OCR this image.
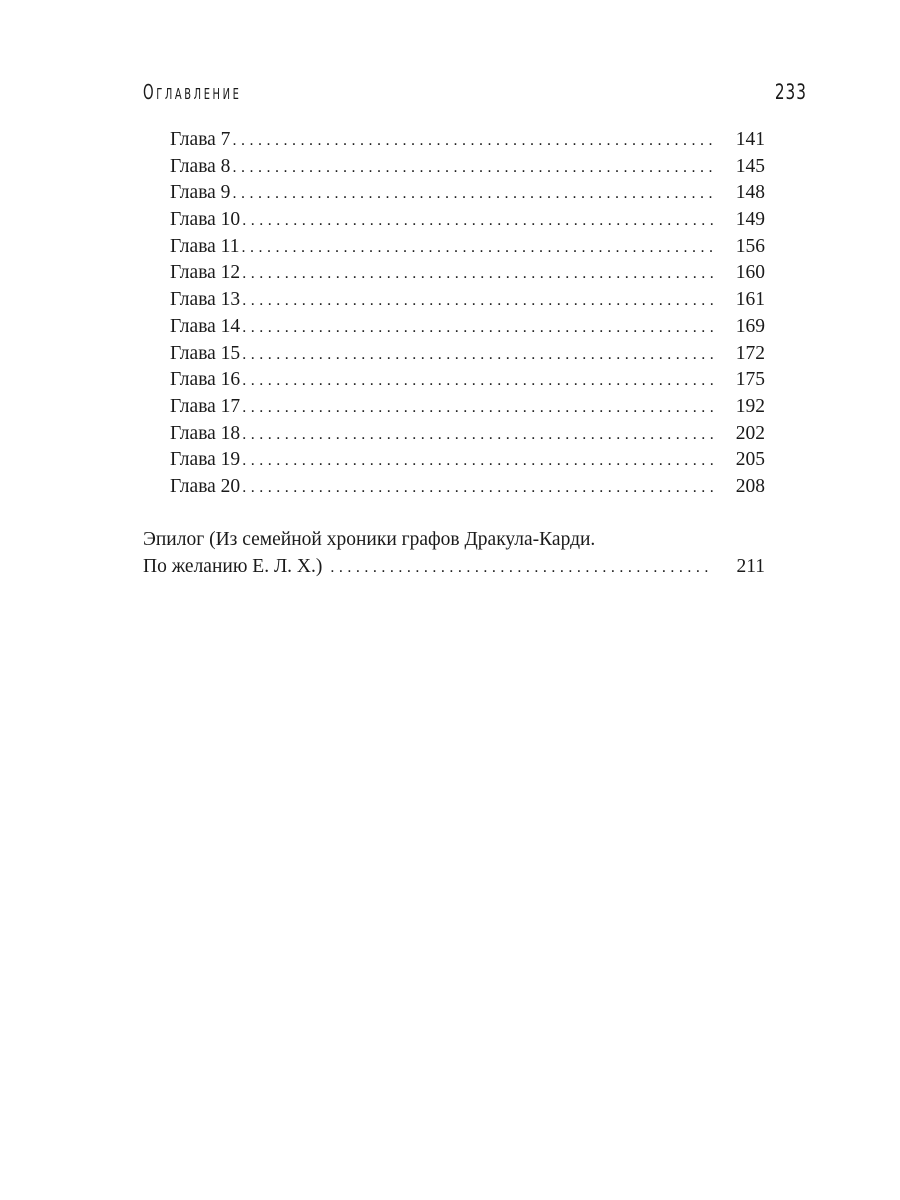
Оглавление	233
Глава 7 . . .	141
Глава 8 . . .	145
Глава 9 . . .	148
Глава 10 . . .	149
Глава 11 . . .	156
Глава 12 . . .	160
Глава 13 . . .	161
Глава 14 . . .	169
Глава 15 . . .	172
Глава 16 . . .	175
Глава 17 . . .	192
Глава 18 . . .	202
Глава 19 . . .	205
Глава 20 . . .	208
Эпилог (Из семейной хроники графов Дракула-Карди.
По желанию Е. Л. Х.) . . .	211
